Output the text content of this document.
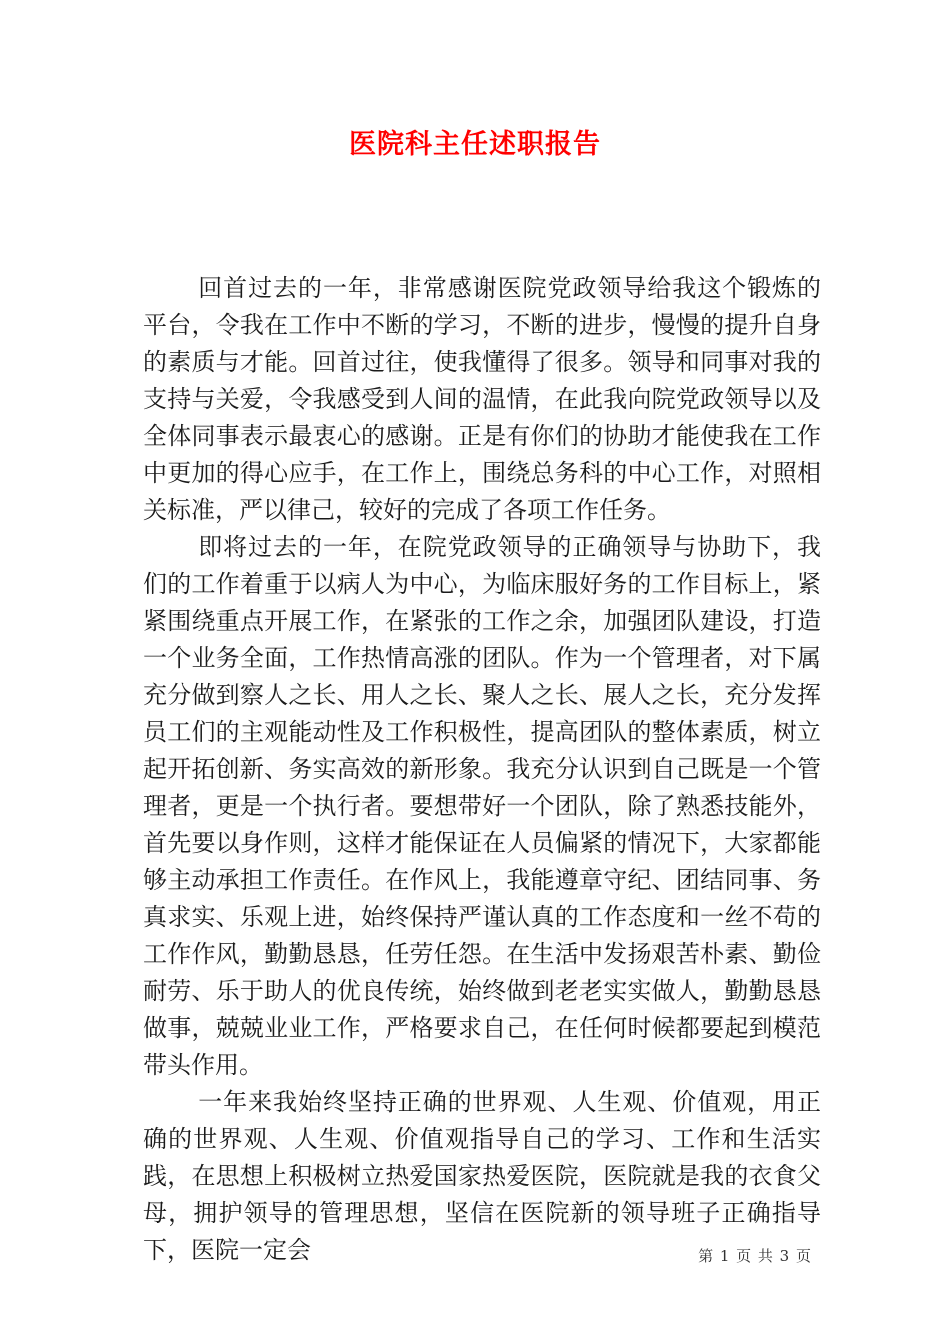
医院科主任述职报告

回首过去的一年，非常感谢医院党政领导给我这个锻炼的平台，令我在工作中不断的学习，不断的进步，慢慢的提升自身的素质与才能。回首过往，使我懂得了很多。领导和同事对我的支持与关爱，令我感受到人间的温情，在此我向院党政领导以及全体同事表示最衷心的感谢。正是有你们的协助才能使我在工作中更加的得心应手，在工作上，围绕总务科的中心工作，对照相关标准，严以律己，较好的完成了各项工作任务。

即将过去的一年，在院党政领导的正确领导与协助下，我们的工作着重于以病人为中心，为临床服好务的工作目标上，紧紧围绕重点开展工作，在紧张的工作之余，加强团队建设，打造一个业务全面，工作热情高涨的团队。作为一个管理者，对下属充分做到察人之长、用人之长、聚人之长、展人之长，充分发挥员工们的主观能动性及工作积极性，提高团队的整体素质，树立起开拓创新、务实高效的新形象。我充分认识到自己既是一个管理者，更是一个执行者。要想带好一个团队，除了熟悉技能外，首先要以身作则，这样才能保证在人员偏紧的情况下，大家都能够主动承担工作责任。在作风上，我能遵章守纪、团结同事、务真求实、乐观上进，始终保持严谨认真的工作态度和一丝不苟的工作作风，勤勤恳恳，任劳任怨。在生活中发扬艰苦朴素、勤俭耐劳、乐于助人的优良传统，始终做到老老实实做人，勤勤恳恳做事，兢兢业业工作，严格要求自己，在任何时候都要起到模范带头作用。

一年来我始终坚持正确的世界观、人生观、价值观，用正确的世界观、人生观、价值观指导自己的学习、工作和生活实践，在思想上积极树立热爱国家热爱医院，医院就是我的衣食父母，拥护领导的管理思想，坚信在医院新的领导班子正确指导下，医院一定会	第 1 页 共 3 页
